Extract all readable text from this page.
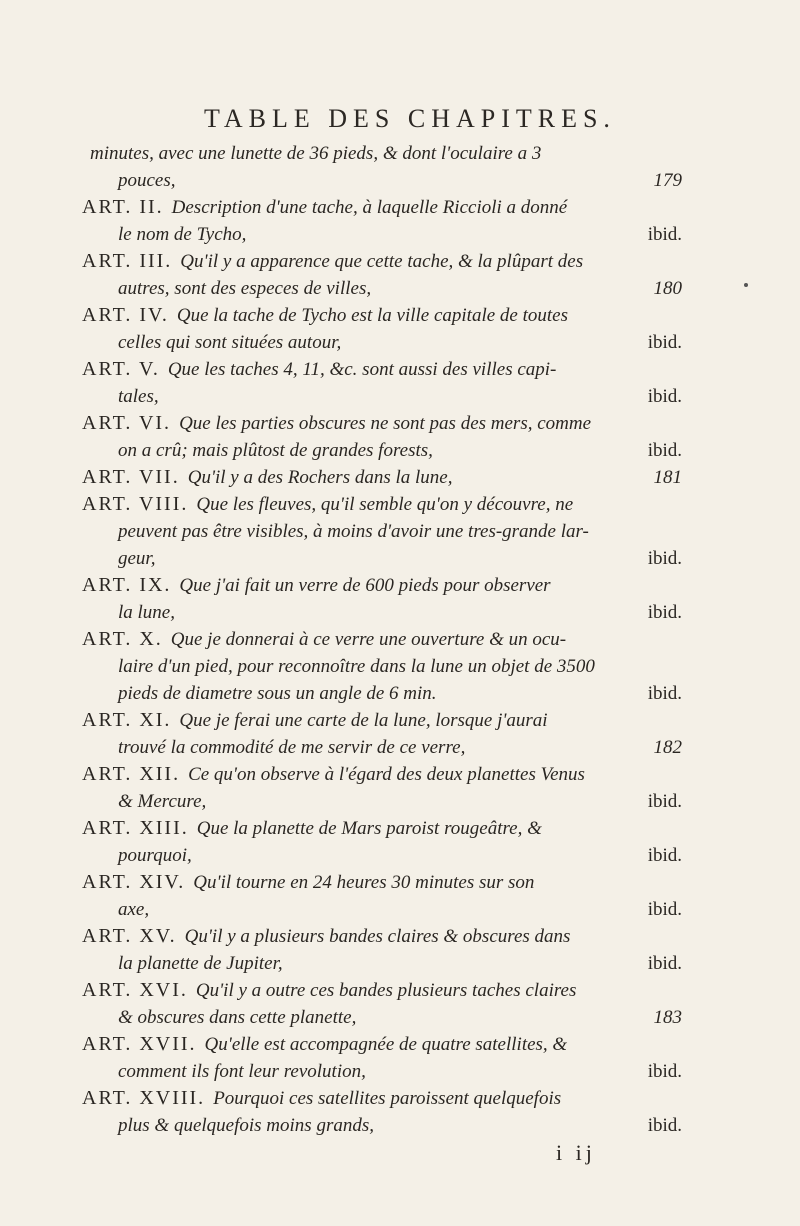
TABLE DES CHAPITRES.
minutes, avec une lunette de 36 pieds, & dont l'oculaire a 3
pouces,	179
ART. II. Description d'une tache, à laquelle Riccioli a donné
le nom de Tycho,	ibid.
ART. III. Qu'il y a apparence que cette tache, & la plûpart des
autres, sont des especes de villes,	180
ART. IV. Que la tache de Tycho est la ville capitale de toutes
celles qui sont situées autour,	ibid.
ART. V. Que les taches 4, 11, &c. sont aussi des villes capi-
tales,	ibid.
ART. VI. Que les parties obscures ne sont pas des mers, comme
on a crû; mais plûtost de grandes forests,	ibid.
ART. VII. Qu'il y a des Rochers dans la lune,	181
ART. VIII. Que les fleuves, qu'il semble qu'on y découvre, ne
peuvent pas être visibles, à moins d'avoir une tres-grande lar-
geur,	ibid.
ART. IX. Que j'ai fait un verre de 600 pieds pour observer
la lune,	ibid.
ART. X. Que je donnerai à ce verre une ouverture & un ocu-
laire d'un pied, pour reconnoître dans la lune un objet de 3500
pieds de diametre sous un angle de 6 min.	ibid.
ART. XI. Que je ferai une carte de la lune, lorsque j'aurai
trouvé la commodité de me servir de ce verre,	182
ART. XII. Ce qu'on observe à l'égard des deux planettes Venus
& Mercure,	ibid.
ART. XIII. Que la planette de Mars paroist rougeâtre, &
pourquoi,	ibid.
ART. XIV. Qu'il tourne en 24 heures 30 minutes sur son
axe,	ibid.
ART. XV. Qu'il y a plusieurs bandes claires & obscures dans
la planette de Jupiter,	ibid.
ART. XVI. Qu'il y a outre ces bandes plusieurs taches claires
& obscures dans cette planette,	183
ART. XVII. Qu'elle est accompagnée de quatre satellites, &
comment ils font leur revolution,	ibid.
ART. XVIII. Pourquoi ces satellites paroissent quelquefois
plus & quelquefois moins grands,	ibid.
i ij
